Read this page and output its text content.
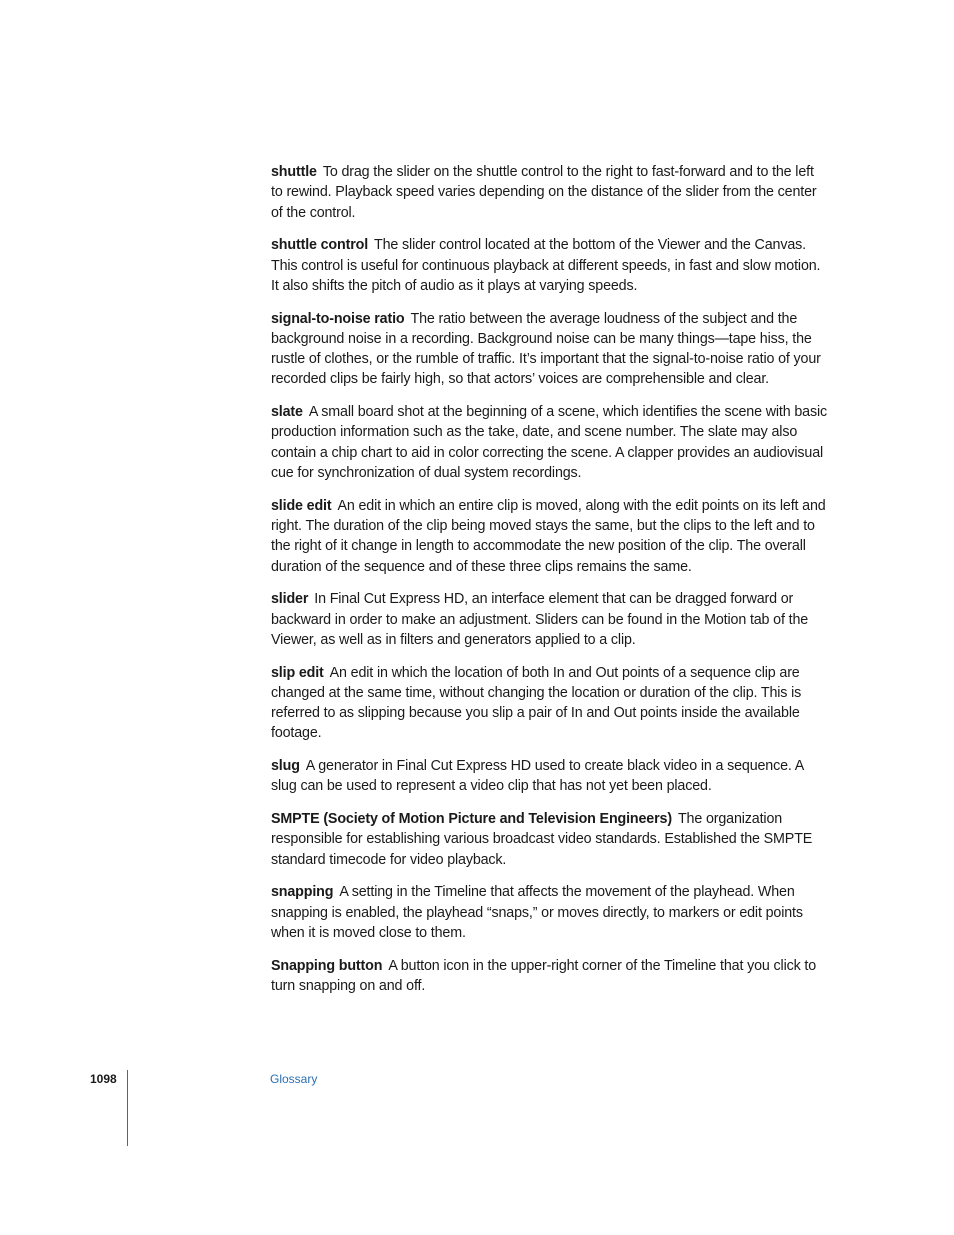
shuttle To drag the slider on the shuttle control to the right to fast-forward and to the left to rewind. Playback speed varies depending on the distance of the slider from the center of the control.

shuttle control The slider control located at the bottom of the Viewer and the Canvas. This control is useful for continuous playback at different speeds, in fast and slow motion. It also shifts the pitch of audio as it plays at varying speeds.

signal-to-noise ratio The ratio between the average loudness of the subject and the background noise in a recording. Background noise can be many things—tape hiss, the rustle of clothes, or the rumble of traffic. It’s important that the signal-to-noise ratio of your recorded clips be fairly high, so that actors’ voices are comprehensible and clear.

slate A small board shot at the beginning of a scene, which identifies the scene with basic production information such as the take, date, and scene number. The slate may also contain a chip chart to aid in color correcting the scene. A clapper provides an audiovisual cue for synchronization of dual system recordings.

slide edit An edit in which an entire clip is moved, along with the edit points on its left and right. The duration of the clip being moved stays the same, but the clips to the left and to the right of it change in length to accommodate the new position of the clip. The overall duration of the sequence and of these three clips remains the same.

slider In Final Cut Express HD, an interface element that can be dragged forward or backward in order to make an adjustment. Sliders can be found in the Motion tab of the Viewer, as well as in filters and generators applied to a clip.

slip edit An edit in which the location of both In and Out points of a sequence clip are changed at the same time, without changing the location or duration of the clip. This is referred to as slipping because you slip a pair of In and Out points inside the available footage.

slug A generator in Final Cut Express HD used to create black video in a sequence. A slug can be used to represent a video clip that has not yet been placed.

SMPTE (Society of Motion Picture and Television Engineers) The organization responsible for establishing various broadcast video standards. Established the SMPTE standard timecode for video playback.

snapping A setting in the Timeline that affects the movement of the playhead. When snapping is enabled, the playhead “snaps,” or moves directly, to markers or edit points when it is moved close to them.

Snapping button A button icon in the upper-right corner of the Timeline that you click to turn snapping on and off.

1098	Glossary
